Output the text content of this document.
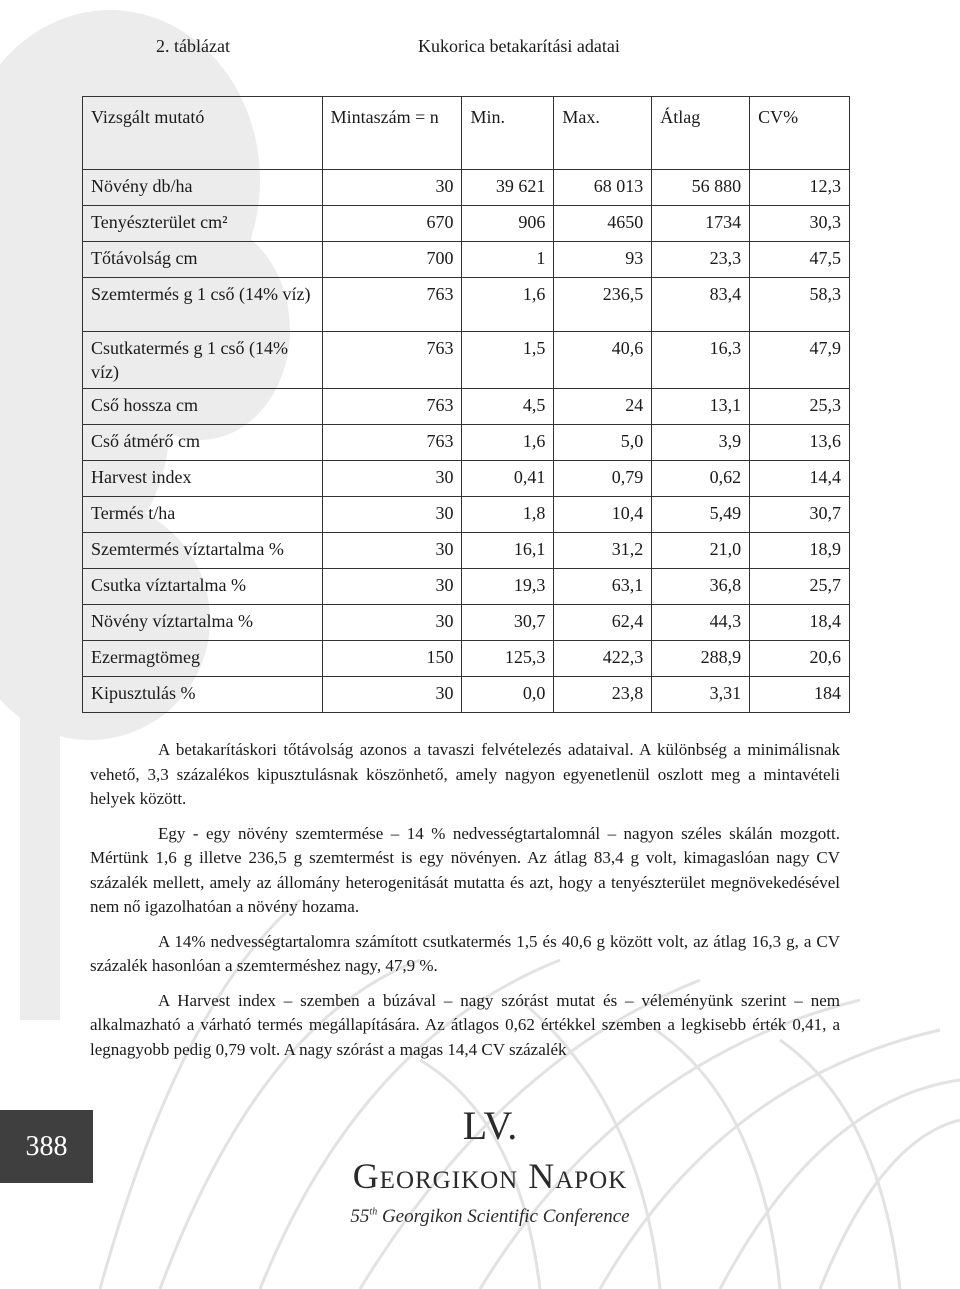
2. táblázat	Kukorica betakarítási adatai
Vizsgált mutató	Mintaszám = n	Min.	Max.	Átlag	CV%
Növény db/ha	30	39 621	68 013	56 880	12,3
Tenyészterület cm²	670	906	4650	1734	30,3
Tőtávolság cm	700	1	93	23,3	47,5
Szemtermés g 1 cső (14% víz)	763	1,6	236,5	83,4	58,3
Csutkatermés g 1 cső (14% víz)	763	1,5	40,6	16,3	47,9
Cső hossza cm	763	4,5	24	13,1	25,3
Cső átmérő cm	763	1,6	5,0	3,9	13,6
Harvest index	30	0,41	0,79	0,62	14,4
Termés t/ha	30	1,8	10,4	5,49	30,7
Szemtermés víztartalma %	30	16,1	31,2	21,0	18,9
Csutka víztartalma %	30	19,3	63,1	36,8	25,7
Növény víztartalma %	30	30,7	62,4	44,3	18,4
Ezermagtömeg	150	125,3	422,3	288,9	20,6
Kipusztulás %	30	0,0	23,8	3,31	184

A betakarításkori tőtávolság azonos a tavaszi felvételezés adataival. A különbség a minimálisnak vehető, 3,3 százalékos kipusztulásnak köszönhető, amely nagyon egyenetlenül oszlott meg a mintavételi helyek között.

Egy - egy növény szemtermése – 14 % nedvességtartalomnál – nagyon széles skálán mozgott. Mértünk 1,6 g illetve 236,5 g szemtermést is egy növényen. Az átlag 83,4 g volt, kimagaslóan nagy CV százalék mellett, amely az állomány heterogenitását mutatta és azt, hogy a tenyészterület megnövekedésével nem nő igazolhatóan a növény hozama.

A 14% nedvességtartalomra számított csutkatermés 1,5 és 40,6 g között volt, az átlag 16,3 g, a CV százalék hasonlóan a szemterméshez nagy, 47,9 %.

A Harvest index – szemben a búzával – nagy szórást mutat és – véleményünk szerint – nem alkalmazható a várható termés megállapítására. Az átlagos 0,62 értékkel szemben a legkisebb érték 0,41, a legnagyobb pedig 0,79 volt. A nagy szórást a magas 14,4 CV százalék

388	LV.
Georgikon Napok
55th Georgikon Scientific Conference
